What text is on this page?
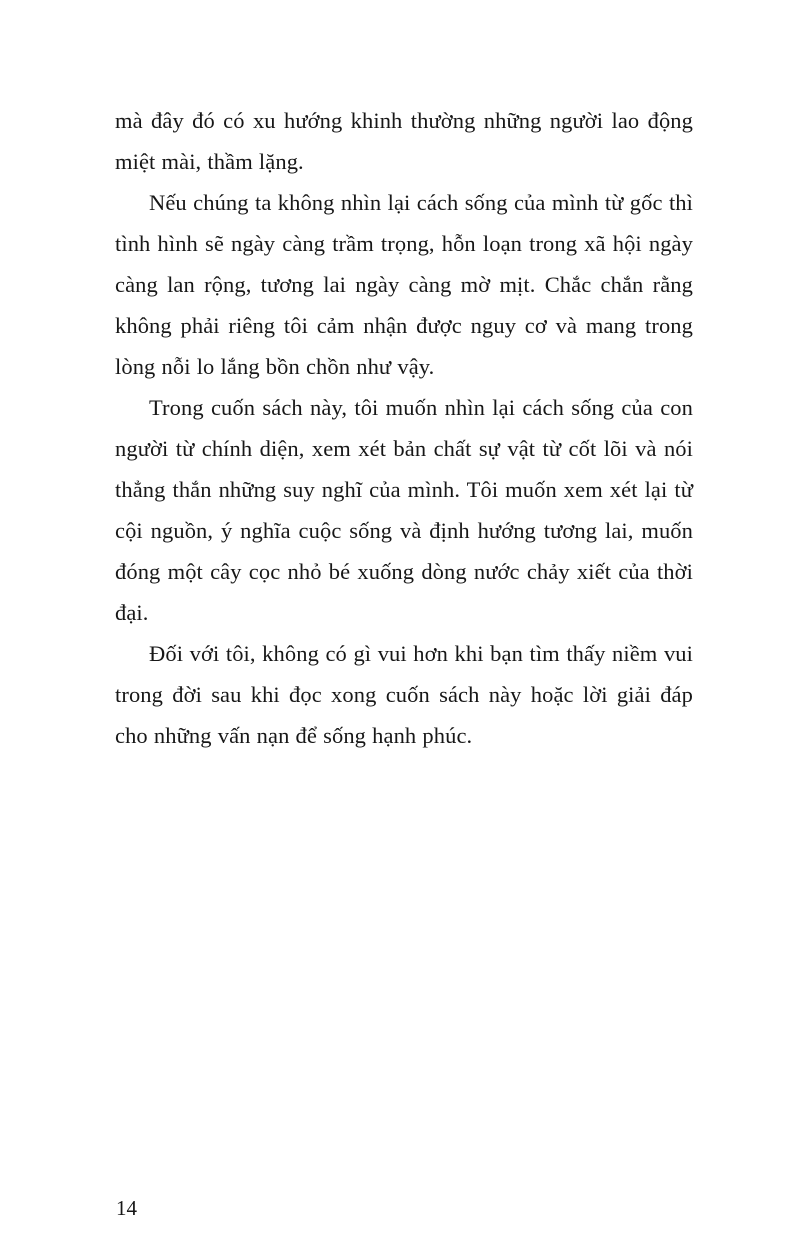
mà đây đó có xu hướng khinh thường những người lao động miệt mài, thầm lặng.

Nếu chúng ta không nhìn lại cách sống của mình từ gốc thì tình hình sẽ ngày càng trầm trọng, hỗn loạn trong xã hội ngày càng lan rộng, tương lai ngày càng mờ mịt. Chắc chắn rằng không phải riêng tôi cảm nhận được nguy cơ và mang trong lòng nỗi lo lắng bồn chồn như vậy.

Trong cuốn sách này, tôi muốn nhìn lại cách sống của con người từ chính diện, xem xét bản chất sự vật từ cốt lõi và nói thẳng thắn những suy nghĩ của mình. Tôi muốn xem xét lại từ cội nguồn, ý nghĩa cuộc sống và định hướng tương lai, muốn đóng một cây cọc nhỏ bé xuống dòng nước chảy xiết của thời đại.

Đối với tôi, không có gì vui hơn khi bạn tìm thấy niềm vui trong đời sau khi đọc xong cuốn sách này hoặc lời giải đáp cho những vấn nạn để sống hạnh phúc.

14
